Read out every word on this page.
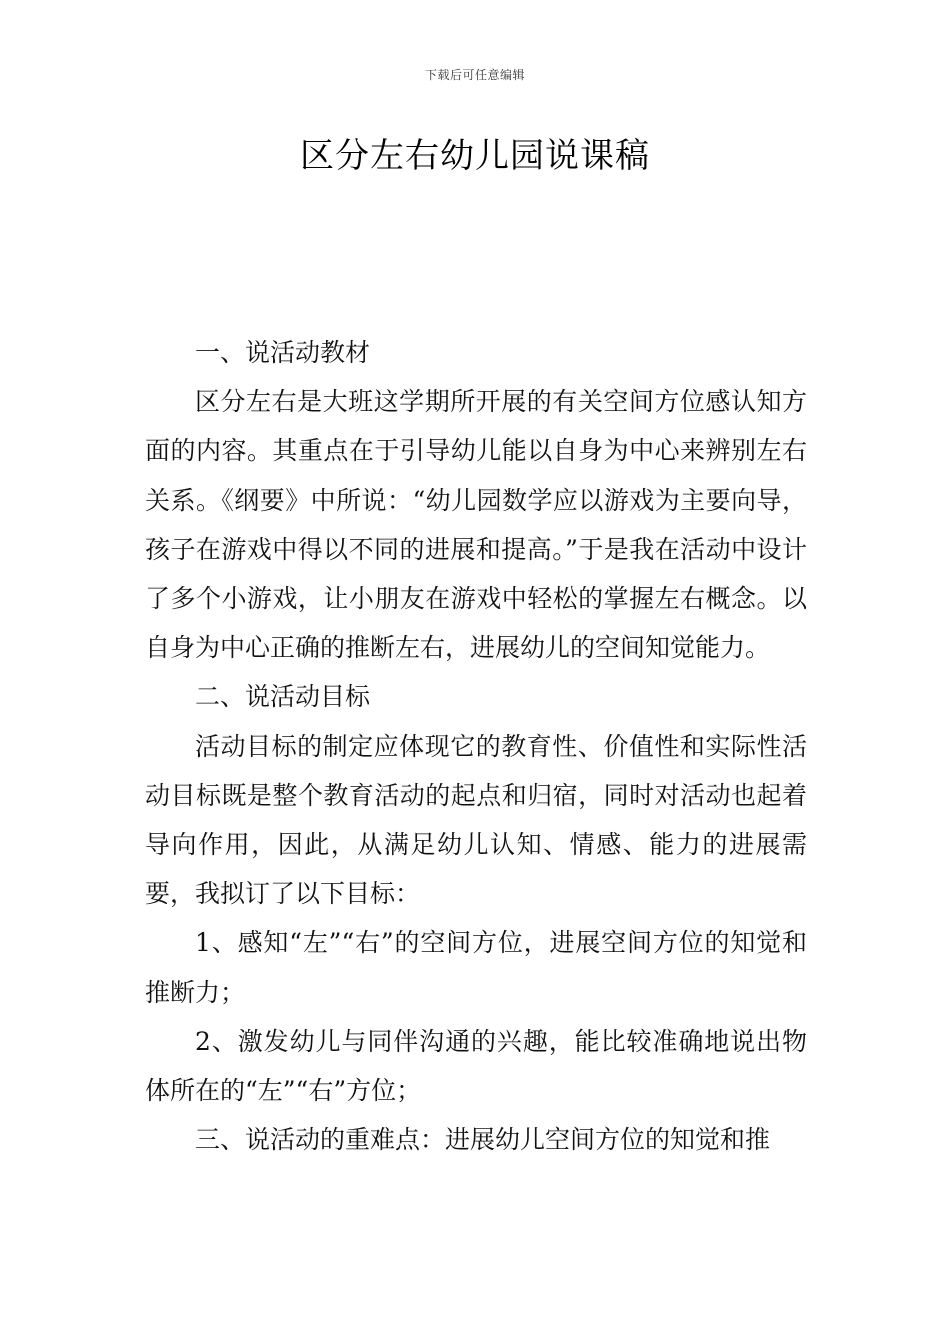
下载后可任意编辑
区分左右幼儿园说课稿

一、说活动教材

区分左右是大班这学期所开展的有关空间方位感认知方面的内容。其重点在于引导幼儿能以自身为中心来辨别左右关系。《纲要》中所说：“幼儿园数学应以游戏为主要向导，孩子在游戏中得以不同的进展和提高。”于是我在活动中设计了多个小游戏，让小朋友在游戏中轻松的掌握左右概念。以自身为中心正确的推断左右，进展幼儿的空间知觉能力。

二、说活动目标

活动目标的制定应体现它的教育性、价值性和实际性活动目标既是整个教育活动的起点和归宿，同时对活动也起着导向作用，因此，从满足幼儿认知、情感、能力的进展需要，我拟订了以下目标：

1、感知“左”“右”的空间方位，进展空间方位的知觉和推断力；

2、激发幼儿与同伴沟通的兴趣，能比较准确地说出物体所在的“左”“右”方位；

三、说活动的重难点：进展幼儿空间方位的知觉和推
